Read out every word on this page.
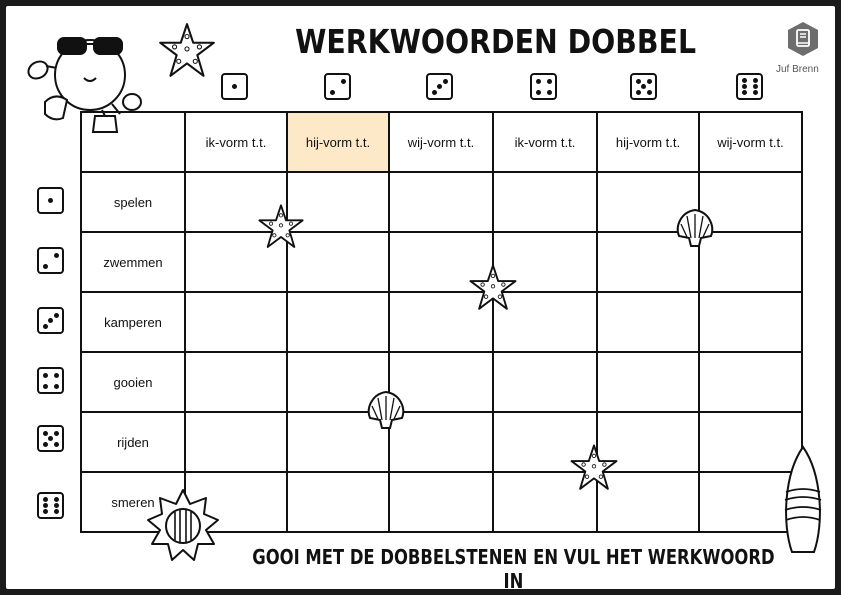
WERKWOORDEN DOBBEL
Juf Brenn
	ik-vorm t.t.	hij-vorm t.t.	wij-vorm t.t.	ik-vorm t.t.	hij-vorm t.t.	wij-vorm t.t.
spelen						
zwemmen						
kamperen						
gooien						
rijden						
smeren						
GOOI MET DE DOBBELSTENEN EN VUL HET WERKWOORD IN
